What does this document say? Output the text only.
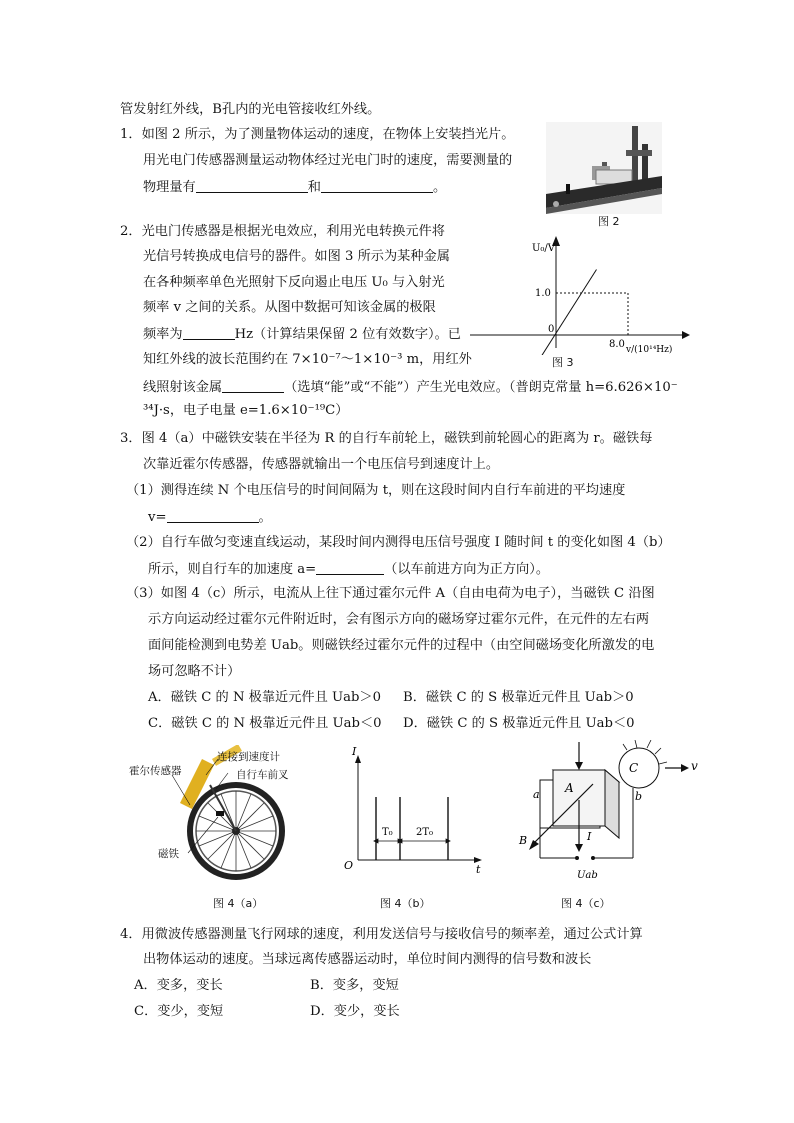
管发射红外线，B孔内的光电管接收红外线。
1．如图 2 所示，为了测量物体运动的速度，在物体上安装挡光片。
用光电门传感器测量运动物体经过光电门时的速度，需要测量的
物理量有	和	。
图 2
2．光电门传感器是根据光电效应，利用光电转换元件将
光信号转换成电信号的器件。如图 3 所示为某种金属
在各种频率单色光照射下反向遏止电压 U₀ 与入射光
频率 v 之间的关系。从图中数据可知该金属的极限
频率为	Hz（计算结果保留 2 位有效数字）。已
知红外线的波长范围约在 7×10⁻⁷～1×10⁻³ m，用红外
线照射该金属	（选填“能”或“不能”）产生光电效应。（普朗克常量 h=6.626×10⁻
³⁴J·s，电子电量 e=1.6×10⁻¹⁹C）
U₀/V
1.0
0
8.0 v/(10¹⁴Hz)
图 3
3．图 4（a）中磁铁安装在半径为 R 的自行车前轮上，磁铁到前轮圆心的距离为 r。磁铁每
次靠近霍尔传感器，传感器就输出一个电压信号到速度计上。
（1）测得连续 N 个电压信号的时间间隔为 t，则在这段时间内自行车前进的平均速度
v=	。
（2）自行车做匀变速直线运动，某段时间内测得电压信号强度 I 随时间 t 的变化如图 4（b）
所示，则自行车的加速度 a=	（以车前进方向为正方向）。
（3）如图 4（c）所示，电流从上往下通过霍尔元件 A（自由电荷为电子），当磁铁 C 沿图
示方向运动经过霍尔元件附近时，会有图示方向的磁场穿过霍尔元件，在元件的左右两
面间能检测到电势差 Uab。则磁铁经过霍尔元件的过程中（由空间磁场变化所激发的电
场可忽略不计）
A．磁铁 C 的 N 极靠近元件且 Uab＞0 B．磁铁 C 的 S 极靠近元件且 Uab＞0
C．磁铁 C 的 N 极靠近元件且 Uab＜0 D．磁铁 C 的 S 极靠近元件且 Uab＜0
霍尔传感器
连接到速度计
自行车前叉
磁铁
图 4（a）
I
t
O
T₀ 2T₀
图 4（b）
C	v
A
a	b
B	I
Uab
图 4（c）
4．用微波传感器测量飞行网球的速度，利用发送信号与接收信号的频率差，通过公式计算
出物体运动的速度。当球远离传感器运动时，单位时间内测得的信号数和波长
A．变多，变长	B．变多，变短
C．变少，变短	D．变少，变长
